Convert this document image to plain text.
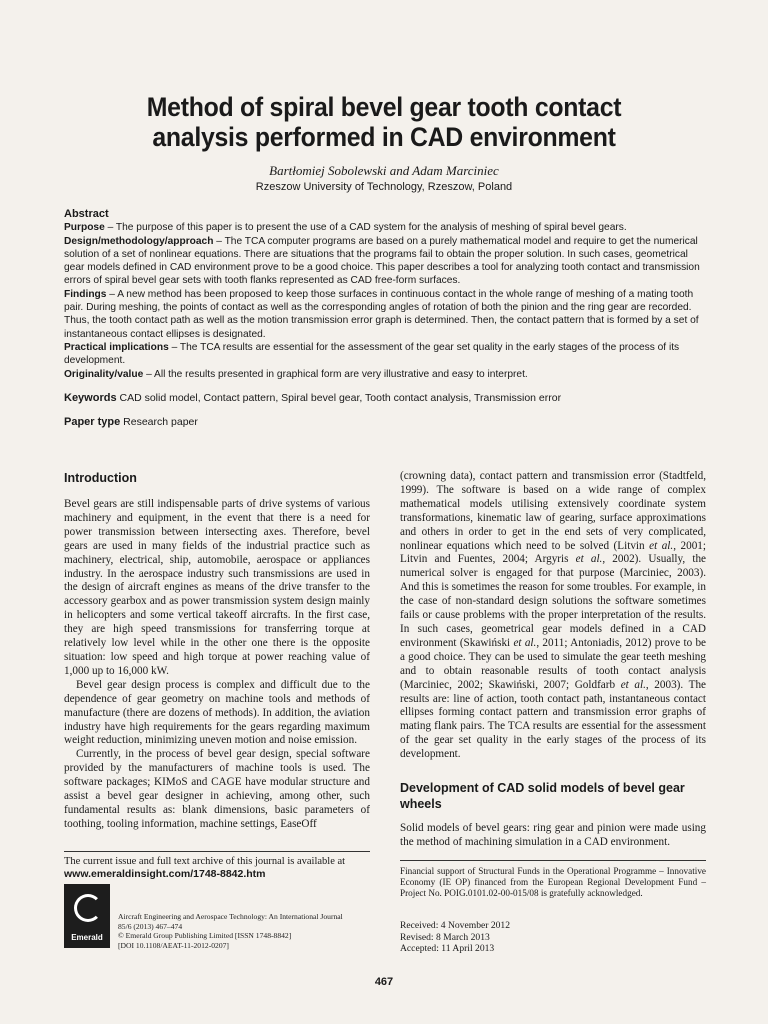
Method of spiral bevel gear tooth contact
analysis performed in CAD environment
Bartłomiej Sobolewski and Adam Marciniec
Rzeszow University of Technology, Rzeszow, Poland

Abstract

Purpose – The purpose of this paper is to present the use of a CAD system for the analysis of meshing of spiral bevel gears.

Design/methodology/approach – The TCA computer programs are based on a purely mathematical model and require to get the numerical solution of a set of nonlinear equations. There are situations that the programs fail to obtain the proper solution. In such cases, geometrical gear models defined in CAD environment prove to be a good choice. This paper describes a tool for analyzing tooth contact and transmission errors of spiral bevel gear sets with tooth flanks represented as CAD free-form surfaces.

Findings – A new method has been proposed to keep those surfaces in continuous contact in the whole range of meshing of a mating tooth pair. During meshing, the points of contact as well as the corresponding angles of rotation of both the pinion and the ring gear are recorded. Thus, the tooth contact path as well as the motion transmission error graph is determined. Then, the contact pattern that is formed by a set of instantaneous contact ellipses is designated.

Practical implications – The TCA results are essential for the assessment of the gear set quality in the early stages of the process of its development.

Originality/value – All the results presented in graphical form are very illustrative and easy to interpret.

Keywords CAD solid model, Contact pattern, Spiral bevel gear, Tooth contact analysis, Transmission error
Paper type Research paper
Introduction

Bevel gears are still indispensable parts of drive systems of various machinery and equipment, in the event that there is a need for power transmission between intersecting axes. Therefore, bevel gears are used in many fields of the industrial practice such as machinery, electrical, ship, automobile, aerospace or appliances industry. In the aerospace industry such transmissions are used in the design of aircraft engines as means of the drive transfer to the accessory gearbox and as power transmission system design mainly in helicopters and some vertical takeoff aircrafts. In the first case, they are high speed transmissions for transferring torque at relatively low level while in the other one there is the opposite situation: low speed and high torque at power reaching value of 1,000 up to 16,000 kW.

Bevel gear design process is complex and difficult due to the dependence of gear geometry on machine tools and methods of manufacture (there are dozens of methods). In addition, the aviation industry have high requirements for the gears regarding maximum weight reduction, minimizing uneven motion and noise emission.

Currently, in the process of bevel gear design, special software provided by the manufacturers of machine tools is used. The software packages; KIMoS and CAGE have modular structure and assist a bevel gear designer in achieving, among other, such fundamental results as: blank dimensions, basic parameters of toothing, tooling information, machine settings, EaseOff

(crowning data), contact pattern and transmission error (Stadtfeld, 1999). The software is based on a wide range of complex mathematical models utilising extensively coordinate system transformations, kinematic law of gearing, surface approximations and others in order to get in the end sets of very complicated, nonlinear equations which need to be solved (Litvin et al., 2001; Litvin and Fuentes, 2004; Argyris et al., 2002). Usually, the numerical solver is engaged for that purpose (Marciniec, 2003). And this is sometimes the reason for some troubles. For example, in the case of non-standard design solutions the software sometimes fails or cause problems with the proper interpretation of the results. In such cases, geometrical gear models defined in a CAD environment (Skawiński et al., 2011; Antoniadis, 2012) prove to be a good choice. They can be used to simulate the gear teeth meshing and to obtain reasonable results of tooth contact analysis (Marciniec, 2002; Skawiński, 2007; Goldfarb et al., 2003). The results are: line of action, tooth contact path, instantaneous contact ellipses forming contact pattern and transmission error graphs of mating flank pairs. The TCA results are essential for the assessment of the gear set quality in the early stages of the process of its development.

Development of CAD solid models of bevel gear wheels

Solid models of bevel gears: ring gear and pinion were made using the method of machining simulation in a CAD environment.

The current issue and full text archive of this journal is available at
www.emeraldinsight.com/1748-8842.htm
Emerald
Aircraft Engineering and Aerospace Technology: An International Journal
85/6 (2013) 467–474
© Emerald Group Publishing Limited [ISSN 1748-8842]
[DOI 10.1108/AEAT-11-2012-0207]
Financial support of Structural Funds in the Operational Programme – Innovative Economy (IE OP) financed from the European Regional Development Fund – Project No. POIG.0101.02-00-015/08 is gratefully acknowledged.
Received: 4 November 2012
Revised: 8 March 2013
Accepted: 11 April 2013
467
